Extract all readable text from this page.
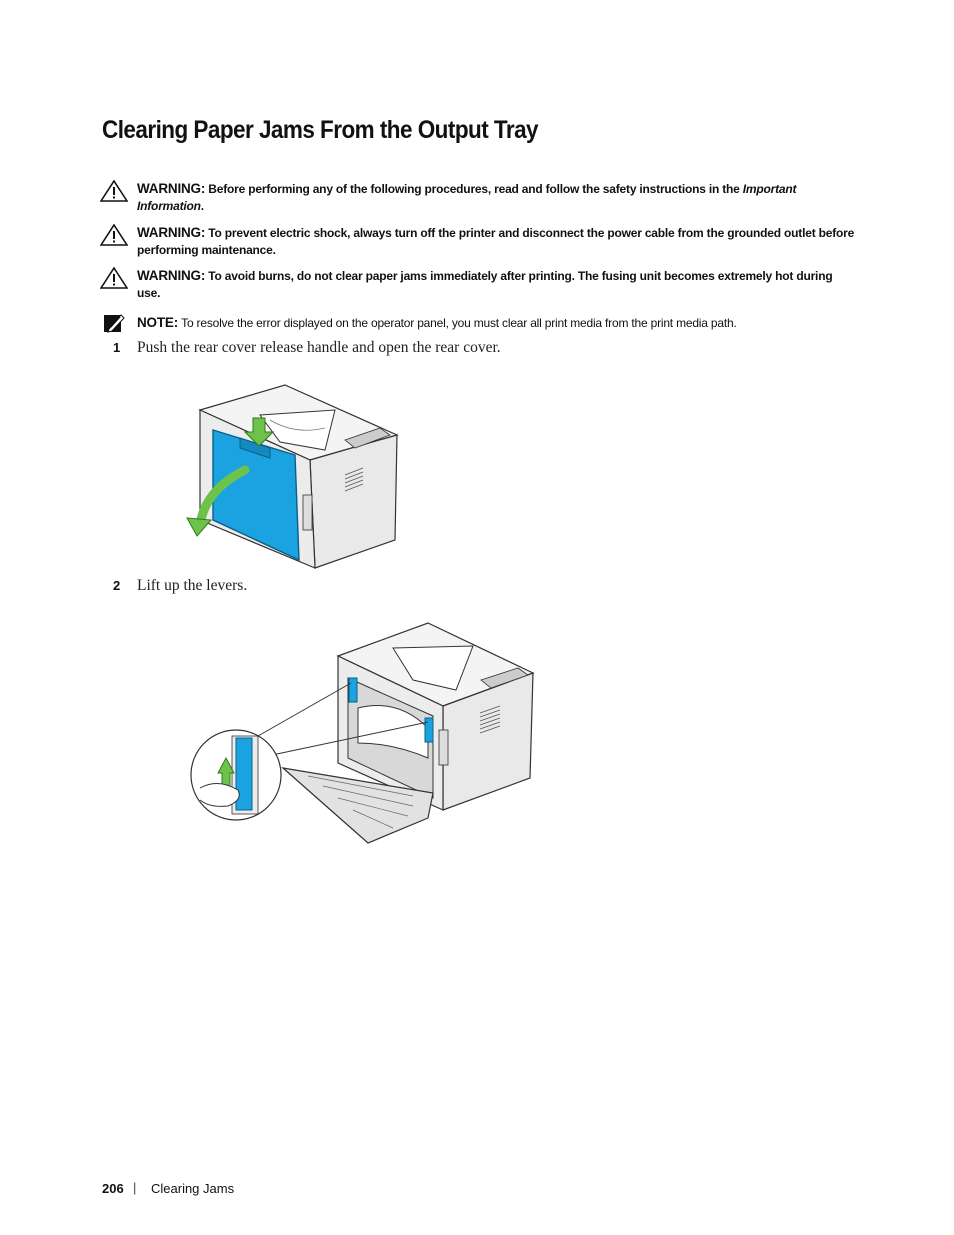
Clearing Paper Jams From the Output Tray
WARNING: Before performing any of the following procedures, read and follow the safety instructions in the Important Information.
WARNING: To prevent electric shock, always turn off the printer and disconnect the power cable from the grounded outlet before performing maintenance.
WARNING: To avoid burns, do not clear paper jams immediately after printing. The fusing unit becomes extremely hot during use.
NOTE: To resolve the error displayed on the operator panel, you must clear all print media from the print media path.
1 Push the rear cover release handle and open the rear cover.
2 Lift up the levers.
206 | Clearing Jams
